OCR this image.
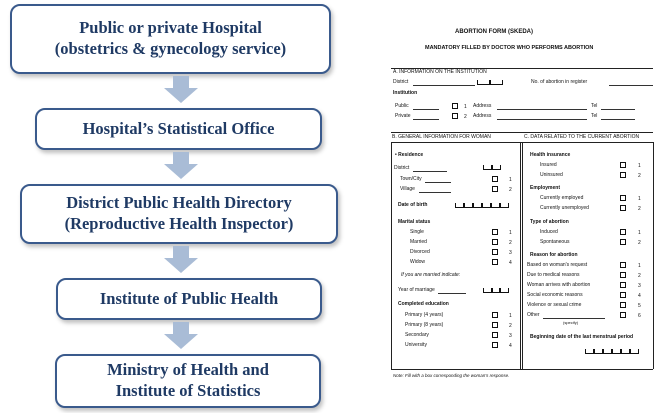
Public or private Hospital
(obstetrics & gynecology service)
Hospital’s Statistical Office
District Public Health Directory
(Reproductive Health Inspector)
Institute of Public Health
Ministry of Health and
Institute of Statistics
ABORTION FORM (SKEDA)
MANDATORY FILLED BY DOCTOR WHO PERFORMS ABORTION
A. INFORMATION ON THE INSTITUTION
District	No. of abortion in register
Institution
Public	1 Address	Tel
Private	2 Address	Tel
B. GENERAL INFORMATION FOR WOMAN	C. DATA RELATED TO THE CURRENT ABORTION
• Residence
District
Town/City	1
Village	2
Date of birth
Marital status
Single	1
Married	2
Divorced	3
Widow	4
If you are married indicate:
Year of marriage
Completed education
Primary (4 years)	1
Primary (8 years)	2
Secondary	3
University	4
Health insurance
Insured	1
Uninsured	2
Employment
Currently employed	1
Currently unemployed	2
Type of abortion
Induced	1
Spontaneous	2
Reason for abortion
Based on woman's request	1
Due to medical reasons	2
Woman arrives with abortion	3
Social economic reasons	4
Violence or sexual crime	5
Other	6
(specify)
Beginning date of the last menstrual period
Note: Fill with a box corresponding the woman's response.
